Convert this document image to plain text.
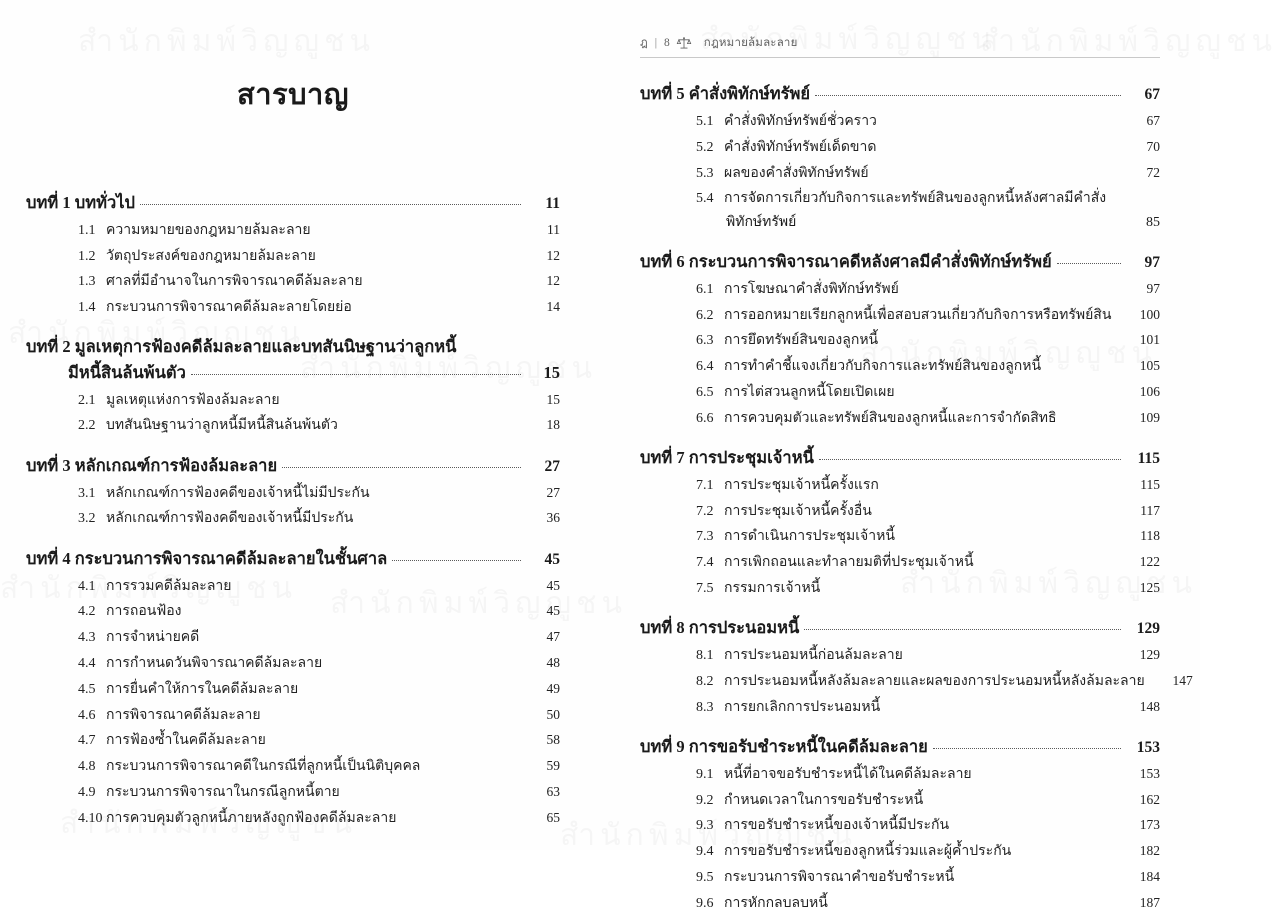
สารบาญ
บทที่ 1 บททั่วไป	11
1.1 ความหมายของกฎหมายล้มละลาย	11
1.2 วัตถุประสงค์ของกฎหมายล้มละลาย	12
1.3 ศาลที่มีอำนาจในการพิจารณาคดีล้มละลาย	12
1.4 กระบวนการพิจารณาคดีล้มละลายโดยย่อ	14
บทที่ 2 มูลเหตุการฟ้องคดีล้มละลายและบทสันนิษฐานว่าลูกหนี้
มีหนี้สินล้นพ้นตัว	15
2.1 มูลเหตุแห่งการฟ้องล้มละลาย	15
2.2 บทสันนิษฐานว่าลูกหนี้มีหนี้สินล้นพ้นตัว	18
บทที่ 3 หลักเกณฑ์การฟ้องล้มละลาย	27
3.1 หลักเกณฑ์การฟ้องคดีของเจ้าหนี้ไม่มีประกัน	27
3.2 หลักเกณฑ์การฟ้องคดีของเจ้าหนี้มีประกัน	36
บทที่ 4 กระบวนการพิจารณาคดีล้มละลายในชั้นศาล	45
4.1 การรวมคดีล้มละลาย	45
4.2 การถอนฟ้อง	45
4.3 การจำหน่ายคดี	47
4.4 การกำหนดวันพิจารณาคดีล้มละลาย	48
4.5 การยื่นคำให้การในคดีล้มละลาย	49
4.6 การพิจารณาคดีล้มละลาย	50
4.7 การฟ้องซ้ำในคดีล้มละลาย	58
4.8 กระบวนการพิจารณาคดีในกรณีที่ลูกหนี้เป็นนิติบุคคล	59
4.9 กระบวนการพิจารณาในกรณีลูกหนี้ตาย	63
4.10 การควบคุมตัวลูกหนี้ภายหลังถูกฟ้องคดีล้มละลาย	65
ฎ | 8	กฎหมายล้มละลาย
บทที่ 5 คำสั่งพิทักษ์ทรัพย์	67
5.1 คำสั่งพิทักษ์ทรัพย์ชั่วคราว	67
5.2 คำสั่งพิทักษ์ทรัพย์เด็ดขาด	70
5.3 ผลของคำสั่งพิทักษ์ทรัพย์	72
5.4 การจัดการเกี่ยวกับกิจการและทรัพย์สินของลูกหนี้หลังศาลมีคำสั่ง
พิทักษ์ทรัพย์	85
บทที่ 6 กระบวนการพิจารณาคดีหลังศาลมีคำสั่งพิทักษ์ทรัพย์	97
6.1 การโฆษณาคำสั่งพิทักษ์ทรัพย์	97
6.2 การออกหมายเรียกลูกหนี้เพื่อสอบสวนเกี่ยวกับกิจการหรือทรัพย์สิน	100
6.3 การยึดทรัพย์สินของลูกหนี้	101
6.4 การทำคำชี้แจงเกี่ยวกับกิจการและทรัพย์สินของลูกหนี้	105
6.5 การไต่สวนลูกหนี้โดยเปิดเผย	106
6.6 การควบคุมตัวและทรัพย์สินของลูกหนี้และการจำกัดสิทธิ	109
บทที่ 7 การประชุมเจ้าหนี้	115
7.1 การประชุมเจ้าหนี้ครั้งแรก	115
7.2 การประชุมเจ้าหนี้ครั้งอื่น	117
7.3 การดำเนินการประชุมเจ้าหนี้	118
7.4 การเพิกถอนและทำลายมติที่ประชุมเจ้าหนี้	122
7.5 กรรมการเจ้าหนี้	125
บทที่ 8 การประนอมหนี้	129
8.1 การประนอมหนี้ก่อนล้มละลาย	129
8.2 การประนอมหนี้หลังล้มละลายและผลของการประนอมหนี้หลังล้มละลาย	147
8.3 การยกเลิกการประนอมหนี้	148
บทที่ 9 การขอรับชำระหนี้ในคดีล้มละลาย	153
9.1 หนี้ที่อาจขอรับชำระหนี้ได้ในคดีล้มละลาย	153
9.2 กำหนดเวลาในการขอรับชำระหนี้	162
9.3 การขอรับชำระหนี้ของเจ้าหนี้มีประกัน	173
9.4 การขอรับชำระหนี้ของลูกหนี้ร่วมและผู้ค้ำประกัน	182
9.5 กระบวนการพิจารณาคำขอรับชำระหนี้	184
9.6 การหักกลบลบหนี้	187
